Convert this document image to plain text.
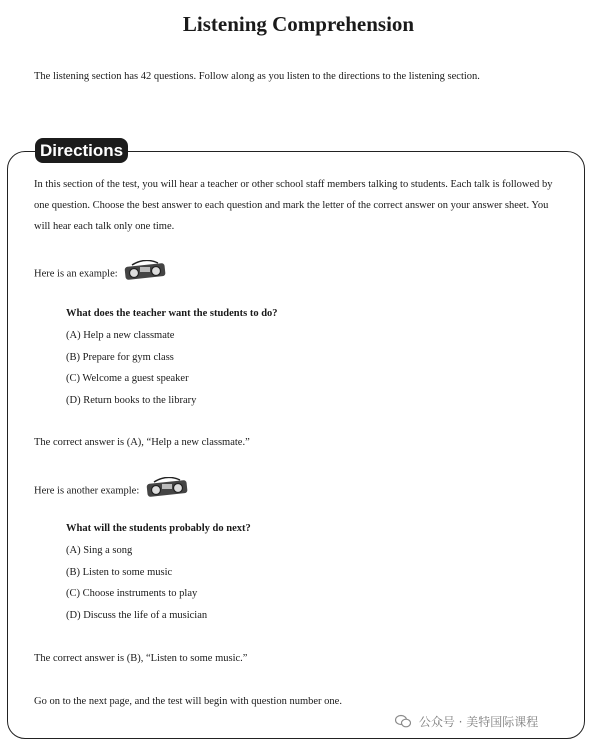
Listening Comprehension

The listening section has 42 questions. Follow along as you listen to the directions to the listening section.

Directions

In this section of the test, you will hear a teacher or other school staff members talking to students. Each talk is followed by one question. Choose the best answer to each question and mark the letter of the correct answer on your answer sheet. You will hear each talk only one time.

Here is an example:

What does the teacher want the students to do?

(A) Help a new classmate

(B) Prepare for gym class

(C) Welcome a guest speaker

(D) Return books to the library

The correct answer is (A), “Help a new classmate.”

Here is another example:

What will the students probably do next?

(A) Sing a song

(B) Listen to some music

(C) Choose instruments to play

(D) Discuss the life of a musician

The correct answer is (B), “Listen to some music.”

Go on to the next page, and the test will begin with question number one.

公众号 · 美特国际课程
